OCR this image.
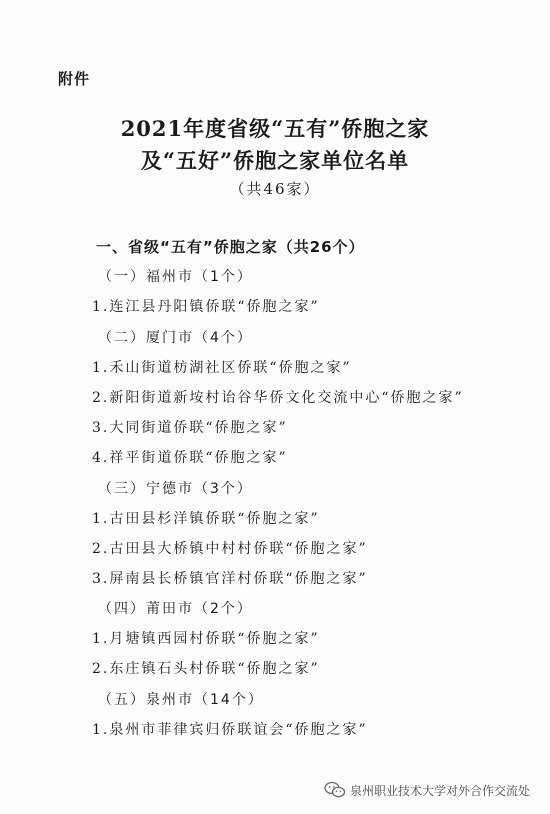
附件
2021年度省级“五有”侨胞之家
及“五好”侨胞之家单位名单
（共46家）
一、省级“五有”侨胞之家（共26个）
（一）福州市（1个）
1.连江县丹阳镇侨联“侨胞之家”
（二）厦门市（4个）
1.禾山街道枋湖社区侨联“侨胞之家”
2.新阳街道新垵村诒谷华侨文化交流中心“侨胞之家”
3.大同街道侨联“侨胞之家”
4.祥平街道侨联“侨胞之家”
（三）宁德市（3个）
1.古田县杉洋镇侨联“侨胞之家”
2.古田县大桥镇中村村侨联“侨胞之家”
3.屏南县长桥镇官洋村侨联“侨胞之家”
（四）莆田市（2个）
1.月塘镇西园村侨联“侨胞之家”
2.东庄镇石头村侨联“侨胞之家”
（五）泉州市（14个）
1.泉州市菲律宾归侨联谊会“侨胞之家”
泉州职业技术大学对外合作交流处
